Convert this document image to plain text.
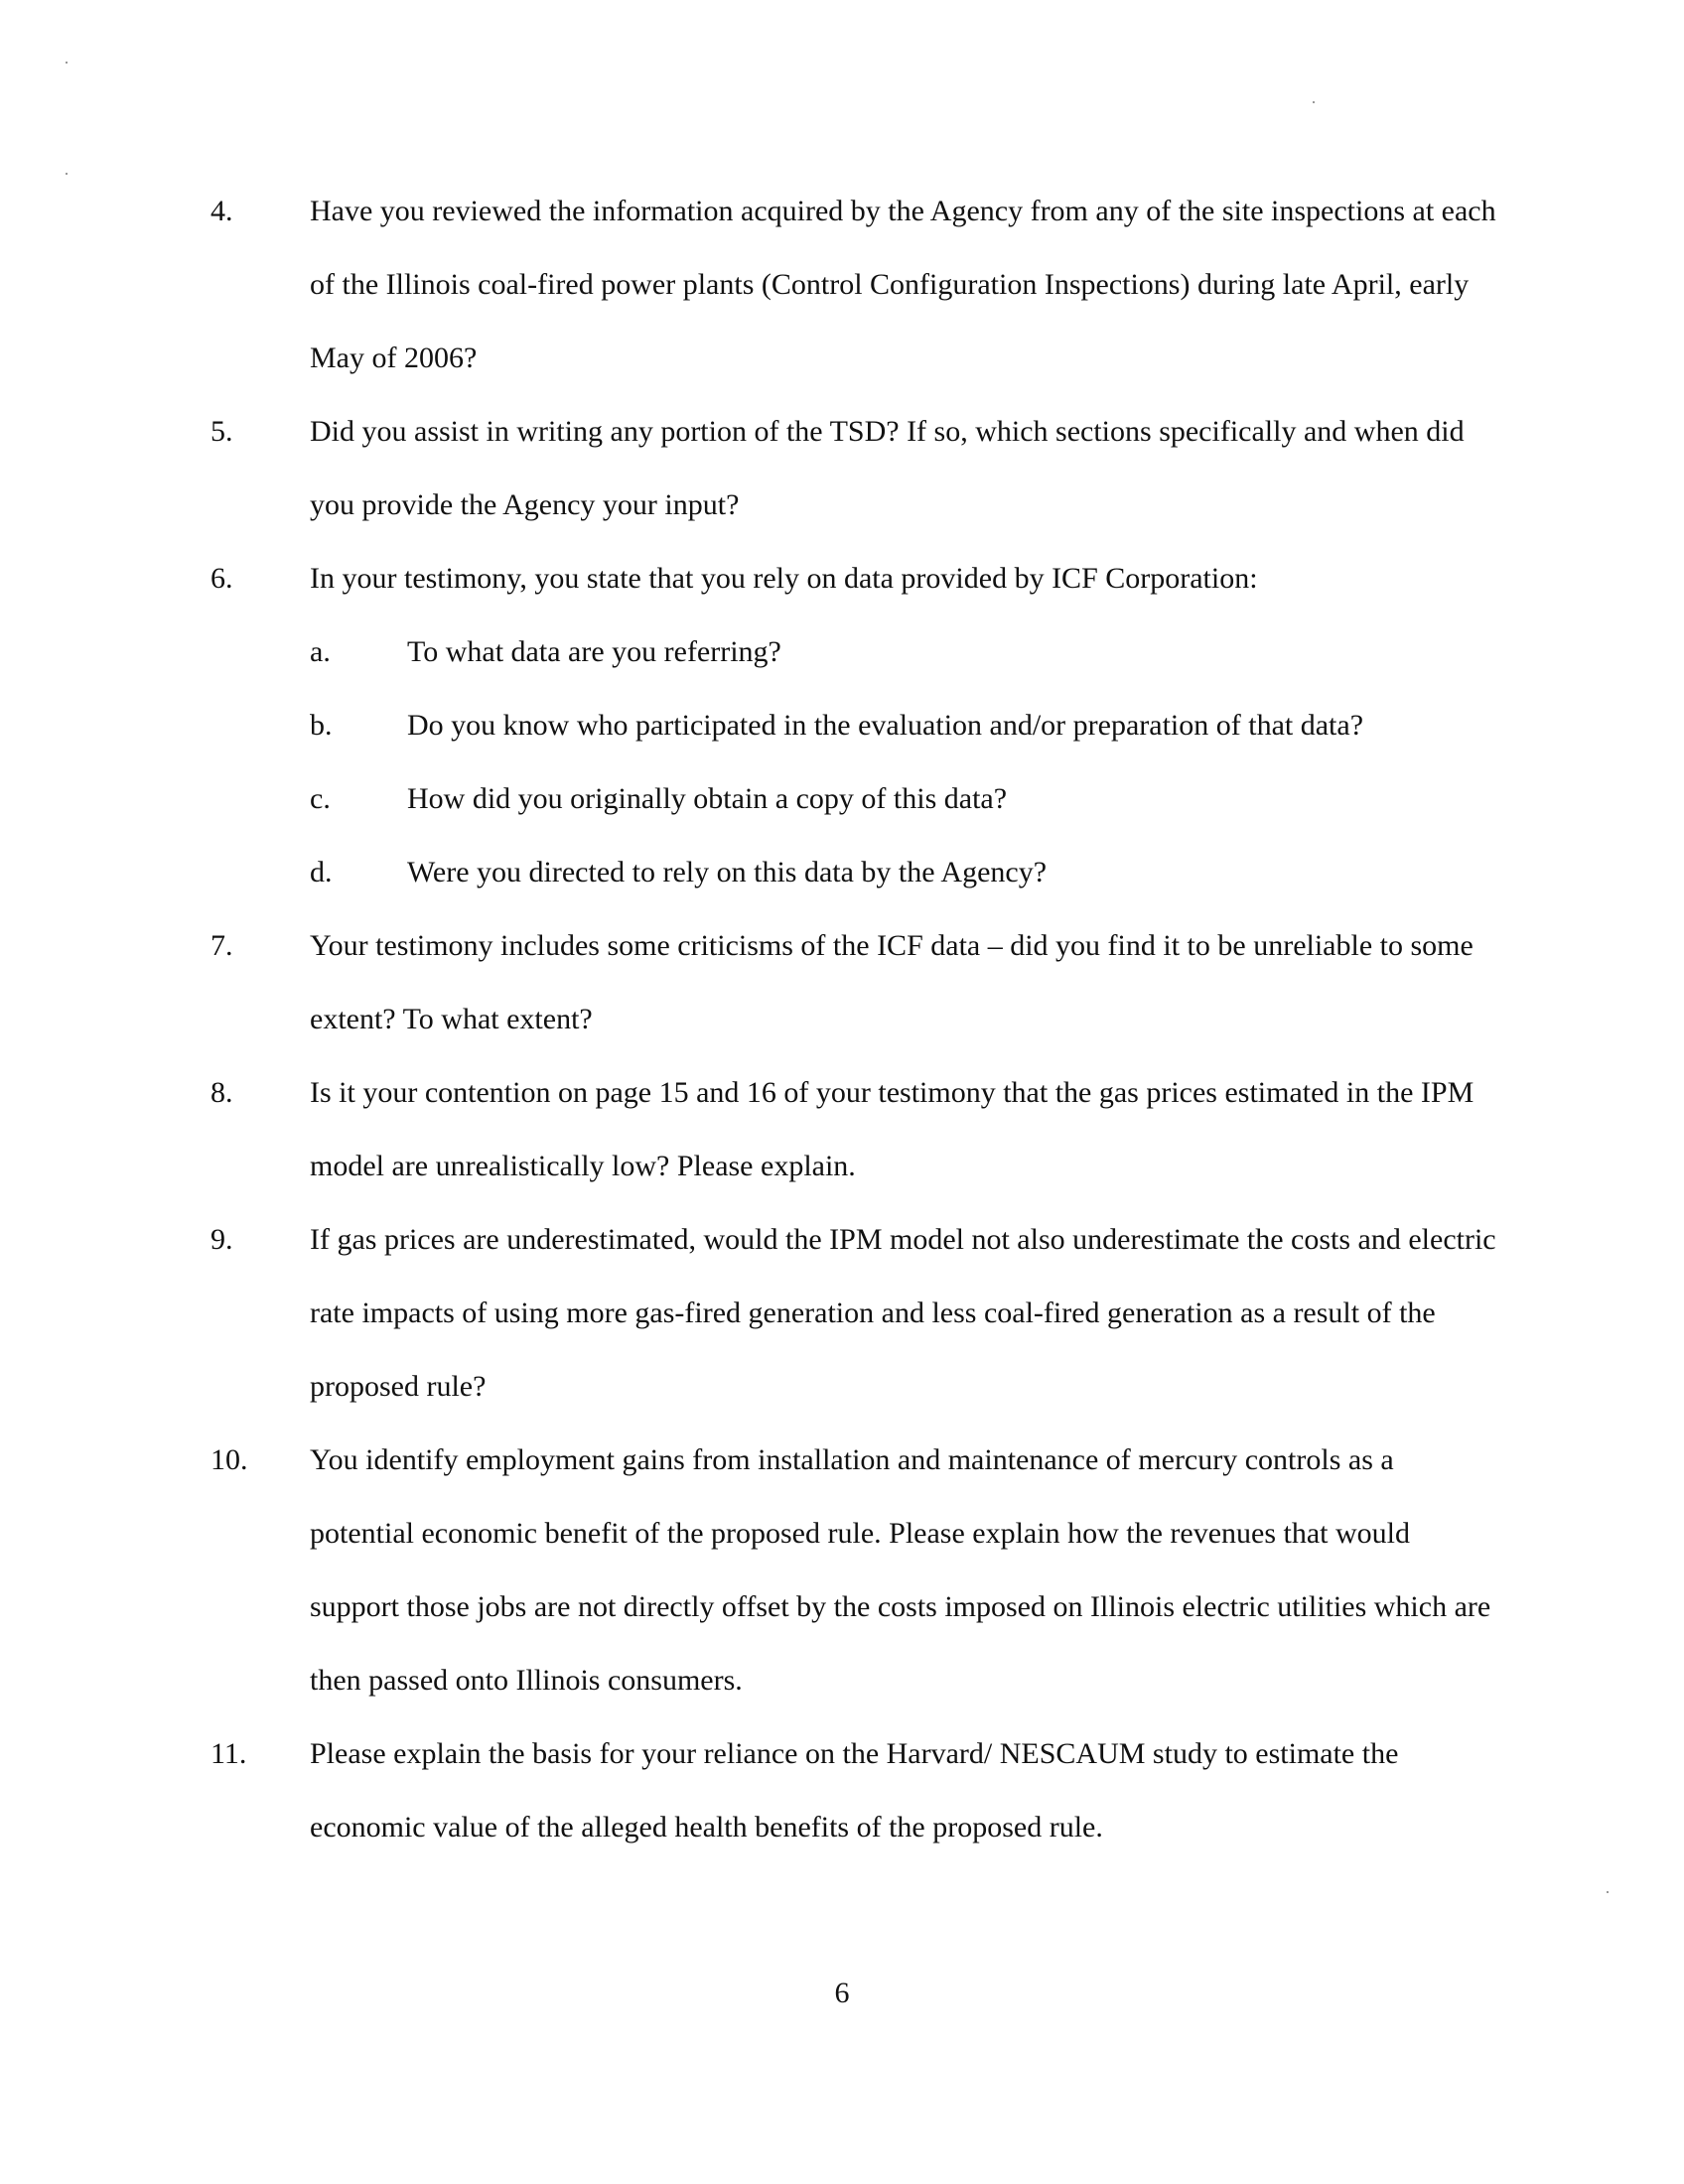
4.	Have you reviewed the information acquired by the Agency from any of the site inspections at each of the Illinois coal-fired power plants (Control Configuration Inspections) during late April, early May of 2006?
5.	Did you assist in writing any portion of the TSD? If so, which sections specifically and when did you provide the Agency your input?
6.	In your testimony, you state that you rely on data provided by ICF Corporation:
a.	To what data are you referring?
b.	Do you know who participated in the evaluation and/or preparation of that data?
c.	How did you originally obtain a copy of this data?
d.	Were you directed to rely on this data by the Agency?
7.	Your testimony includes some criticisms of the ICF data – did you find it to be unreliable to some extent? To what extent?
8.	Is it your contention on page 15 and 16 of your testimony that the gas prices estimated in the IPM model are unrealistically low? Please explain.
9.	If gas prices are underestimated, would the IPM model not also underestimate the costs and electric rate impacts of using more gas-fired generation and less coal-fired generation as a result of the proposed rule?
10. You identify employment gains from installation and maintenance of mercury controls as a potential economic benefit of the proposed rule. Please explain how the revenues that would support those jobs are not directly offset by the costs imposed on Illinois electric utilities which are then passed onto Illinois consumers.
11. Please explain the basis for your reliance on the Harvard/ NESCAUM study to estimate the economic value of the alleged health benefits of the proposed rule.
6
